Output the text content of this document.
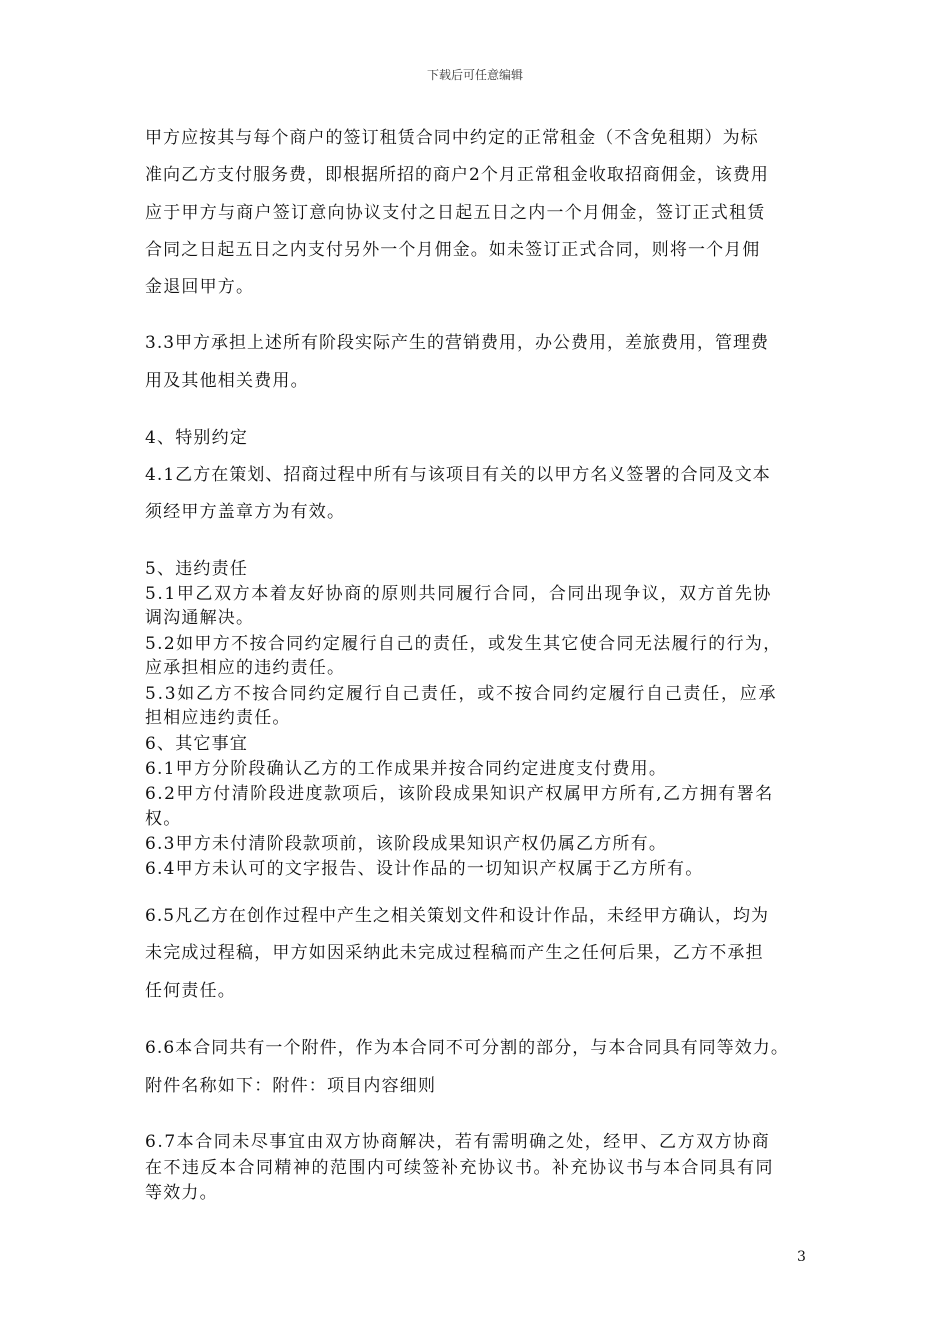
下载后可任意编辑
甲方应按其与每个商户的签订租赁合同中约定的正常租金（不含免租期）为标
准向乙方支付服务费，即根据所招的商户2个月正常租金收取招商佣金，该费用
应于甲方与商户签订意向协议支付之日起五日之内一个月佣金，签订正式租赁
合同之日起五日之内支付另外一个月佣金。如未签订正式合同，则将一个月佣
金退回甲方。
3.3甲方承担上述所有阶段实际产生的营销费用，办公费用，差旅费用，管理费
用及其他相关费用。
4、特别约定
4.1乙方在策划、招商过程中所有与该项目有关的以甲方名义签署的合同及文本
须经甲方盖章方为有效。
5、违约责任
5.1甲乙双方本着友好协商的原则共同履行合同，合同出现争议，双方首先协
调沟通解决。
5.2如甲方不按合同约定履行自己的责任，或发生其它使合同无法履行的行为，
应承担相应的违约责任。
5.3如乙方不按合同约定履行自己责任，或不按合同约定履行自己责任，应承
担相应违约责任。
6、其它事宜
6.1甲方分阶段确认乙方的工作成果并按合同约定进度支付费用。
6.2甲方付清阶段进度款项后，该阶段成果知识产权属甲方所有,乙方拥有署名
权。
6.3甲方未付清阶段款项前，该阶段成果知识产权仍属乙方所有。
6.4甲方未认可的文字报告、设计作品的一切知识产权属于乙方所有。
6.5凡乙方在创作过程中产生之相关策划文件和设计作品，未经甲方确认，均为
未完成过程稿，甲方如因采纳此未完成过程稿而产生之任何后果，乙方不承担
任何责任。
6.6本合同共有一个附件，作为本合同不可分割的部分，与本合同具有同等效力。
附件名称如下：附件：项目内容细则
6.7本合同未尽事宜由双方协商解决，若有需明确之处，经甲、乙方双方协商
在不违反本合同精神的范围内可续签补充协议书。补充协议书与本合同具有同
等效力。
3
